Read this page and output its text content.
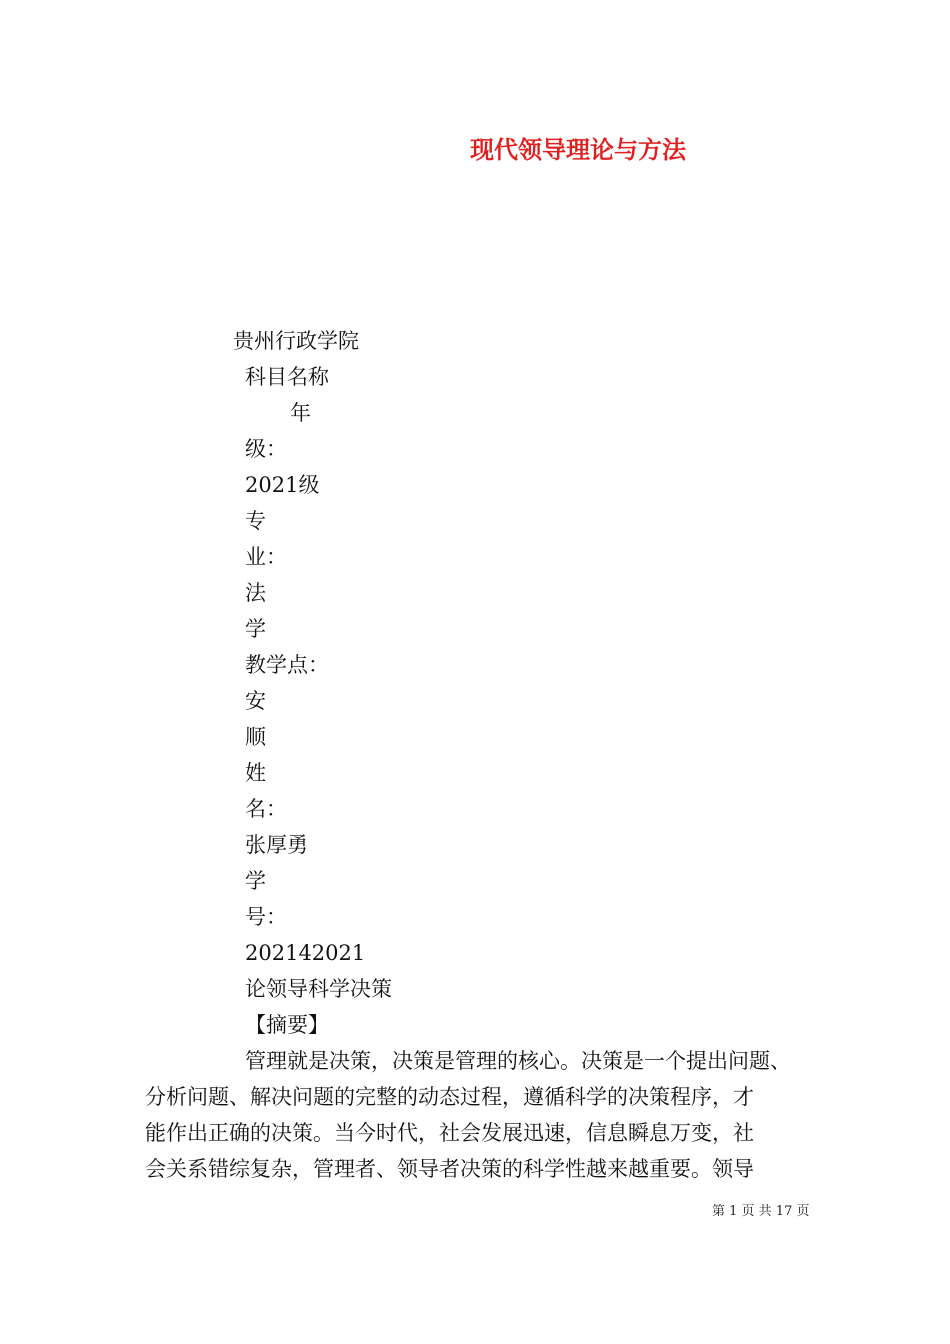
现代领导理论与方法
贵州行政学院
科目名称
年
级：
2021级
专
业：
法
学
教学点：
安
顺
姓
名：
张厚勇
学
号：
202142021
论领导科学决策
【摘要】

管理就是决策，决策是管理的核心。决策是一个提出问题、

分析问题、解决问题的完整的动态过程，遵循科学的决策程序，才

能作出正确的决策。当今时代，社会发展迅速，信息瞬息万变，社

会关系错综复杂，管理者、领导者决策的科学性越来越重要。领导

第 1 页 共 17 页
